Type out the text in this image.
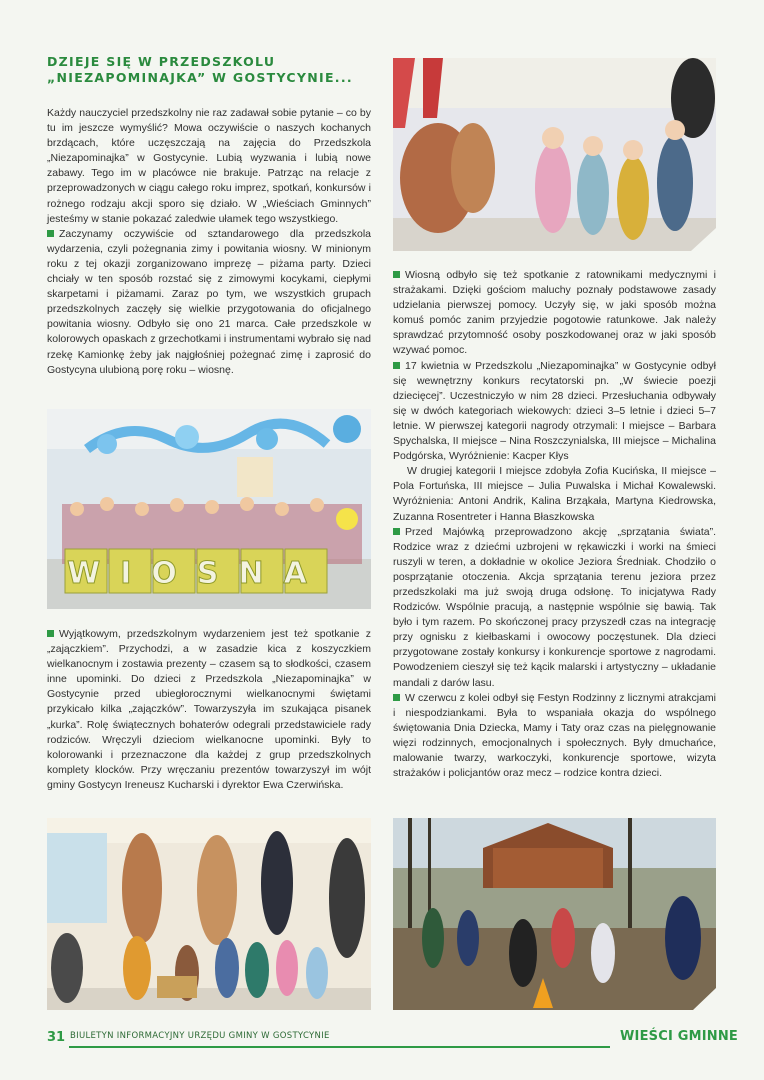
DZIEJE SIĘ W PRZEDSZKOLU
„NIEZAPOMINAJKA” W GOSTYCYNIE...

Każdy nauczyciel przedszkolny nie raz zadawał sobie pytanie – co by tu im jeszcze wymyślić? Mowa oczywiście o naszych kochanych brzdącach, które uczęszczają na zajęcia do Przedszkola „Niezapominajka” w Gostycynie. Lubią wyzwania i lubią nowe zabawy. Tego im w placówce nie brakuje. Patrząc na relacje z przeprowadzonych w ciągu całego roku imprez, spotkań, konkursów i rożnego rodzaju akcji sporo się działo. W „Wieściach Gminnych” jesteśmy w stanie pokazać zaledwie ułamek tego wszystkiego.

Zaczynamy oczywiście od sztandarowego dla przedszkola wydarzenia, czyli pożegnania zimy i powitania wiosny. W minionym roku z tej okazji zorganizowano imprezę – piżama party. Dzieci chciały w ten sposób rozstać się z zimowymi kocykami, ciepłymi skarpetami i piżamami. Zaraz po tym, we wszystkich grupach przedszkolnych zaczęły się wielkie przygotowania do oficjalnego powitania wiosny. Odbyło się ono 21 marca. Całe przedszkole w kolorowych opaskach z grzechotkami i instrumentami wybrało się nad rzekę Kamionkę żeby jak najgłośniej pożegnać zimę i zaprosić do Gostycyna ulubioną porę roku – wiosnę.

WIOSNA

Wyjątkowym, przedszkolnym wydarzeniem jest też spotkanie z „zajączkiem”. Przychodzi, a w zasadzie kica z koszyczkiem wielkanocnym i zostawia prezenty – czasem są to słodkości, czasem inne upominki. Do dzieci z Przedszkola „Niezapominajka” w Gostycynie przed ubiegłorocznymi wielkanocnymi świętami przykicało kilka „zajączków”. Towarzyszyła im szukająca pisanek „kurka”. Rolę świątecznych bohaterów odegrali przedstawiciele rady rodziców. Wręczyli dzieciom wielkanocne upominki. Były to kolorowanki i przeznaczone dla każdej z grup przedszkolnych komplety klocków. Przy wręczaniu prezentów towarzyszył im wójt gminy Gostycyn Ireneusz Kucharski i dyrektor Ewa Czerwińska.

Wiosną odbyło się też spotkanie z ratownikami medycznymi i strażakami. Dzięki gościom maluchy poznały podstawowe zasady udzielania pierwszej pomocy. Uczyły się, w jaki sposób można komuś pomóc zanim przyjedzie pogotowie ratunkowe. Jak należy sprawdzać przytomność osoby poszkodowanej oraz w jaki sposób wzywać pomoc.

17 kwietnia w Przedszkolu „Niezapominajka” w Gostycynie odbył się wewnętrzny konkurs recytatorski pn. „W świecie poezji dziecięcej”. Uczestniczyło w nim 28 dzieci. Przesłuchania odbywały się w dwóch kategoriach wiekowych: dzieci 3–5 letnie i dzieci 5–7 letnie. W pierwszej kategorii nagrody otrzymali: I miejsce – Barbara Spychalska, II miejsce – Nina Roszczynialska, III miejsce – Michalina Podgórska, Wyróżnienie: Kacper Kłys

W drugiej kategorii I miejsce zdobyła Zofia Kucińska, II miejsce – Pola Fortuńska, III miejsce – Julia Puwalska i Michał Kowalewski. Wyróżnienia: Antoni Andrik, Kalina Brząkała, Martyna Kiedrowska, Zuzanna Rosentreter i Hanna Błaszkowska

Przed Majówką przeprowadzono akcję „sprzątania świata”. Rodzice wraz z dziećmi uzbrojeni w rękawiczki i worki na śmieci ruszyli w teren, a dokładnie w okolice Jeziora Średniak. Chodziło o posprzątanie otoczenia. Akcja sprzątania terenu jeziora przez przedszkolaki ma już swoją druga odsłonę. To inicjatywa Rady Rodziców. Wspólnie pracują, a następnie wspólnie się bawią. Tak było i tym razem. Po skończonej pracy przyszedł czas na integrację przy ognisku z kiełbaskami i owocowy poczęstunek. Dla dzieci przygotowane zostały konkursy i konkurencje sportowe z nagrodami. Powodzeniem cieszył się też kącik malarski i artystyczny – układanie mandali z darów lasu.

W czerwcu z kolei odbył się Festyn Rodzinny z licznymi atrakcjami i niespodziankami. Była to wspaniała okazja do wspólnego świętowania Dnia Dziecka, Mamy i Taty oraz czas na pielęgnowanie więzi rodzinnych, emocjonalnych i społecznych. Były dmuchańce, malowanie twarzy, warkoczyki, konkurencje sportowe, wizyta strażaków i policjantów oraz mecz – rodzice kontra dzieci.

31 BIULETYN INFORMACYJNY URZĘDU GMINY W GOSTYCYNIE	WIEŚCI GMINNE
